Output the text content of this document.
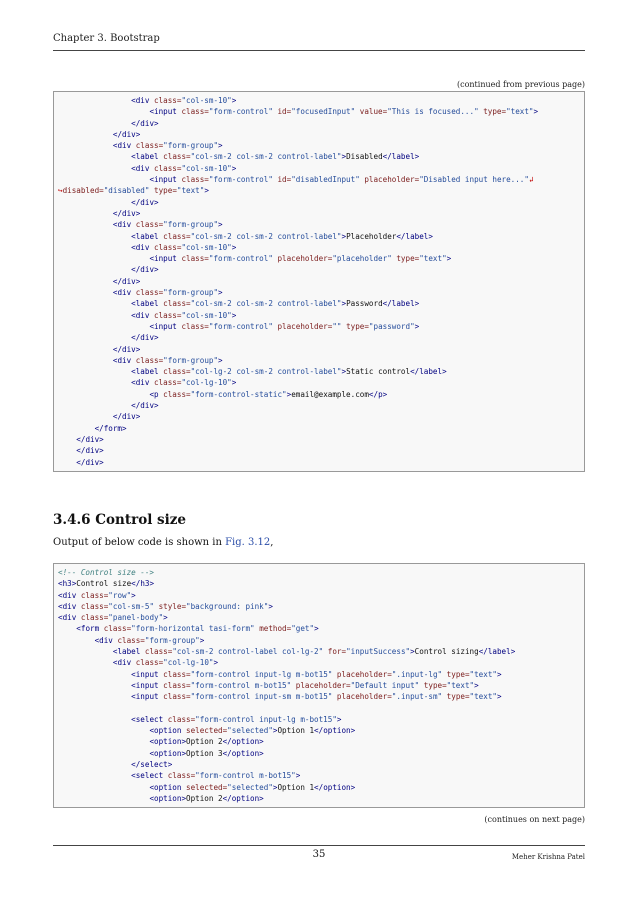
Chapter 3. Bootstrap
(continued from previous page)
<div class="col-sm-10">
<input class="form-control" id="focusedInput" value="This is focused..." type="text">
</div>
</div>
<div class="form-group">
<label class="col-sm-2 col-sm-2 control-label">Disabled</label>
<div class="col-sm-10">
<input class="form-control" id="disabledInput" placeholder="Disabled input here..."↲
↪disabled="disabled" type="text">
</div>
</div>
<div class="form-group">
<label class="col-sm-2 col-sm-2 control-label">Placeholder</label>
<div class="col-sm-10">
<input class="form-control" placeholder="placeholder" type="text">
</div>
</div>
<div class="form-group">
<label class="col-sm-2 col-sm-2 control-label">Password</label>
<div class="col-sm-10">
<input class="form-control" placeholder="" type="password">
</div>
</div>
<div class="form-group">
<label class="col-lg-2 col-sm-2 control-label">Static control</label>
<div class="col-lg-10">
<p class="form-control-static">email@example.com</p>
</div>
</div>
</form>
</div>
</div>
</div>
3.4.6 Control size
Output of below code is shown in Fig. 3.12,
<!-- Control size -->
<h3>Control size</h3>
<div class="row">
<div class="col-sm-5" style="background: pink">
<div class="panel-body">
<form class="form-horizontal tasi-form" method="get">
<div class="form-group">
<label class="col-sm-2 control-label col-lg-2" for="inputSuccess">Control sizing</label>
<div class="col-lg-10">
<input class="form-control input-lg m-bot15" placeholder=".input-lg" type="text">
<input class="form-control m-bot15" placeholder="Default input" type="text">
<input class="form-control input-sm m-bot15" placeholder=".input-sm" type="text">

<select class="form-control input-lg m-bot15">
<option selected="selected">Option 1</option>
<option>Option 2</option>
<option>Option 3</option>
</select>
<select class="form-control m-bot15">
<option selected="selected">Option 1</option>
<option>Option 2</option>
(continues on next page)
35	Meher Krishna Patel
